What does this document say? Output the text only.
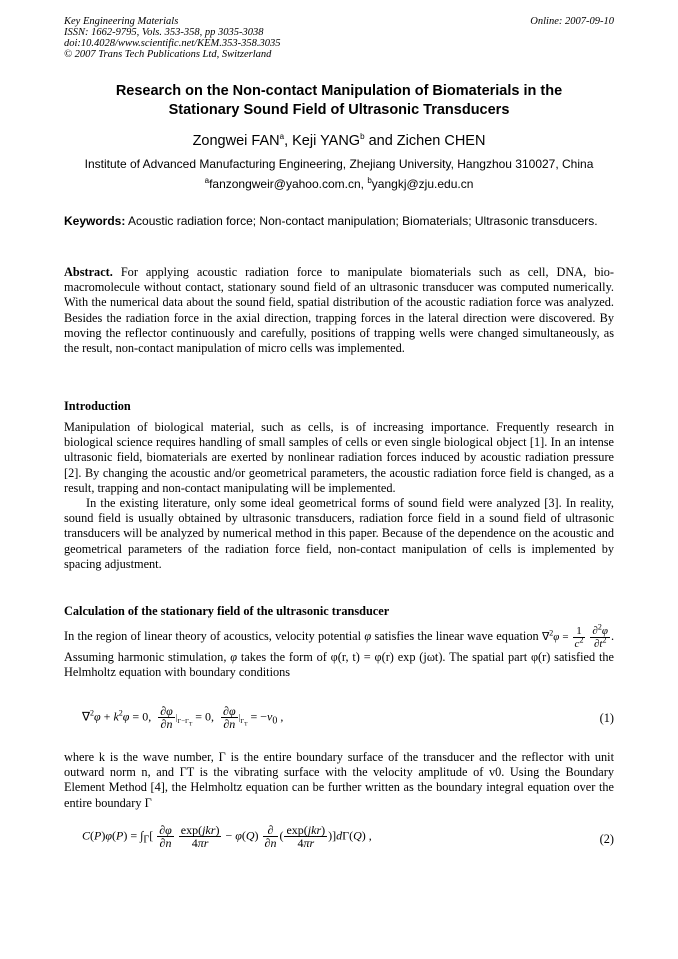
Key Engineering Materials
ISSN: 1662-9795, Vols. 353-358, pp 3035-3038
doi:10.4028/www.scientific.net/KEM.353-358.3035
© 2007 Trans Tech Publications Ltd, Switzerland
Online: 2007-09-10
Research on the Non-contact Manipulation of Biomaterials in the
Stationary Sound Field of Ultrasonic Transducers
Zongwei FAN$^a$, Keji YANG$^b$ and Zichen CHEN
Institute of Advanced Manufacturing Engineering, Zhejiang University, Hangzhou 310027, China
$^a$fanzongweir@yahoo.com.cn, $^b$yangkj@zju.edu.cn
Keywords: Acoustic radiation force; Non-contact manipulation; Biomaterials; Ultrasonic transducers.
Abstract. For applying acoustic radiation force to manipulate biomaterials such as cell, DNA, bio-macromolecule without contact, stationary sound field of an ultrasonic transducer was computed numerically. With the numerical data about the sound field, spatial distribution of the acoustic radiation force was analyzed. Besides the radiation force in the axial direction, trapping forces in the lateral direction were discovered. By moving the reflector continuously and carefully, positions of trapping wells were changed simultaneously, as the result, non-contact manipulation of micro cells was implemented.
Introduction
Manipulation of biological material, such as cells, is of increasing importance. Frequently research in biological science requires handling of small samples of cells or even single biological object [1]. In an intense ultrasonic field, biomaterials are exerted by nonlinear radiation forces induced by acoustic radiation pressure [2]. By changing the acoustic and/or geometrical parameters, the acoustic radiation force field is changed, as a result, trapping and non-contact manipulating will be implemented.
In the existing literature, only some ideal geometrical forms of sound field were analyzed [3]. In reality, sound field is usually obtained by ultrasonic transducers, radiation force field in a sound field of ultrasonic transducers will be analyzed by numerical method in this paper. Because of the dependence on the acoustic and geometrical parameters of the radiation force field, non-contact manipulation of cells is implemented by spacing adjustment.
Calculation of the stationary field of the ultrasonic transducer
In the region of linear theory of acoustics, velocity potential φ satisfies the linear wave equation $\nabla^2\varphi = \frac{1}{c^2}$
$\frac{\partial^2\varphi}{\partial t^2}$ . Assuming harmonic stimulation, φ takes the form of φ(r, t) = φ(r) exp (jωt). The spatial part φ(r) satisfied the Helmholtz equation with boundary conditions
$\nabla^2\varphi + k^2\varphi = 0$, $\frac{\partial\varphi}{\partial n} |_{\Gamma-\Gamma_T} = 0$, $\frac{\partial\varphi}{\partial n} |_{\Gamma_T} = -v_0$ ,	(1)
where k is the wave number, Γ is the entire boundary surface of the transducer and the reflector with unit outward norm n, and ΓT is the vibrating surface with the velocity amplitude of v0. Using the Boundary Element Method [4], the Helmholtz equation can be further written as the boundary integral equation over the entire boundary Γ
$C(P)\varphi(P) = \int_\Gamma[ \frac{\partial\varphi}{\partial n}$
$\frac{\text{exp(jkr)}}{4\pi r} - \varphi(Q) \frac{\partial}{\partial n}$ ( $\frac{\text{exp(jkr)}}{4\pi r} )]d\Gamma(Q)$ ,	(2)
